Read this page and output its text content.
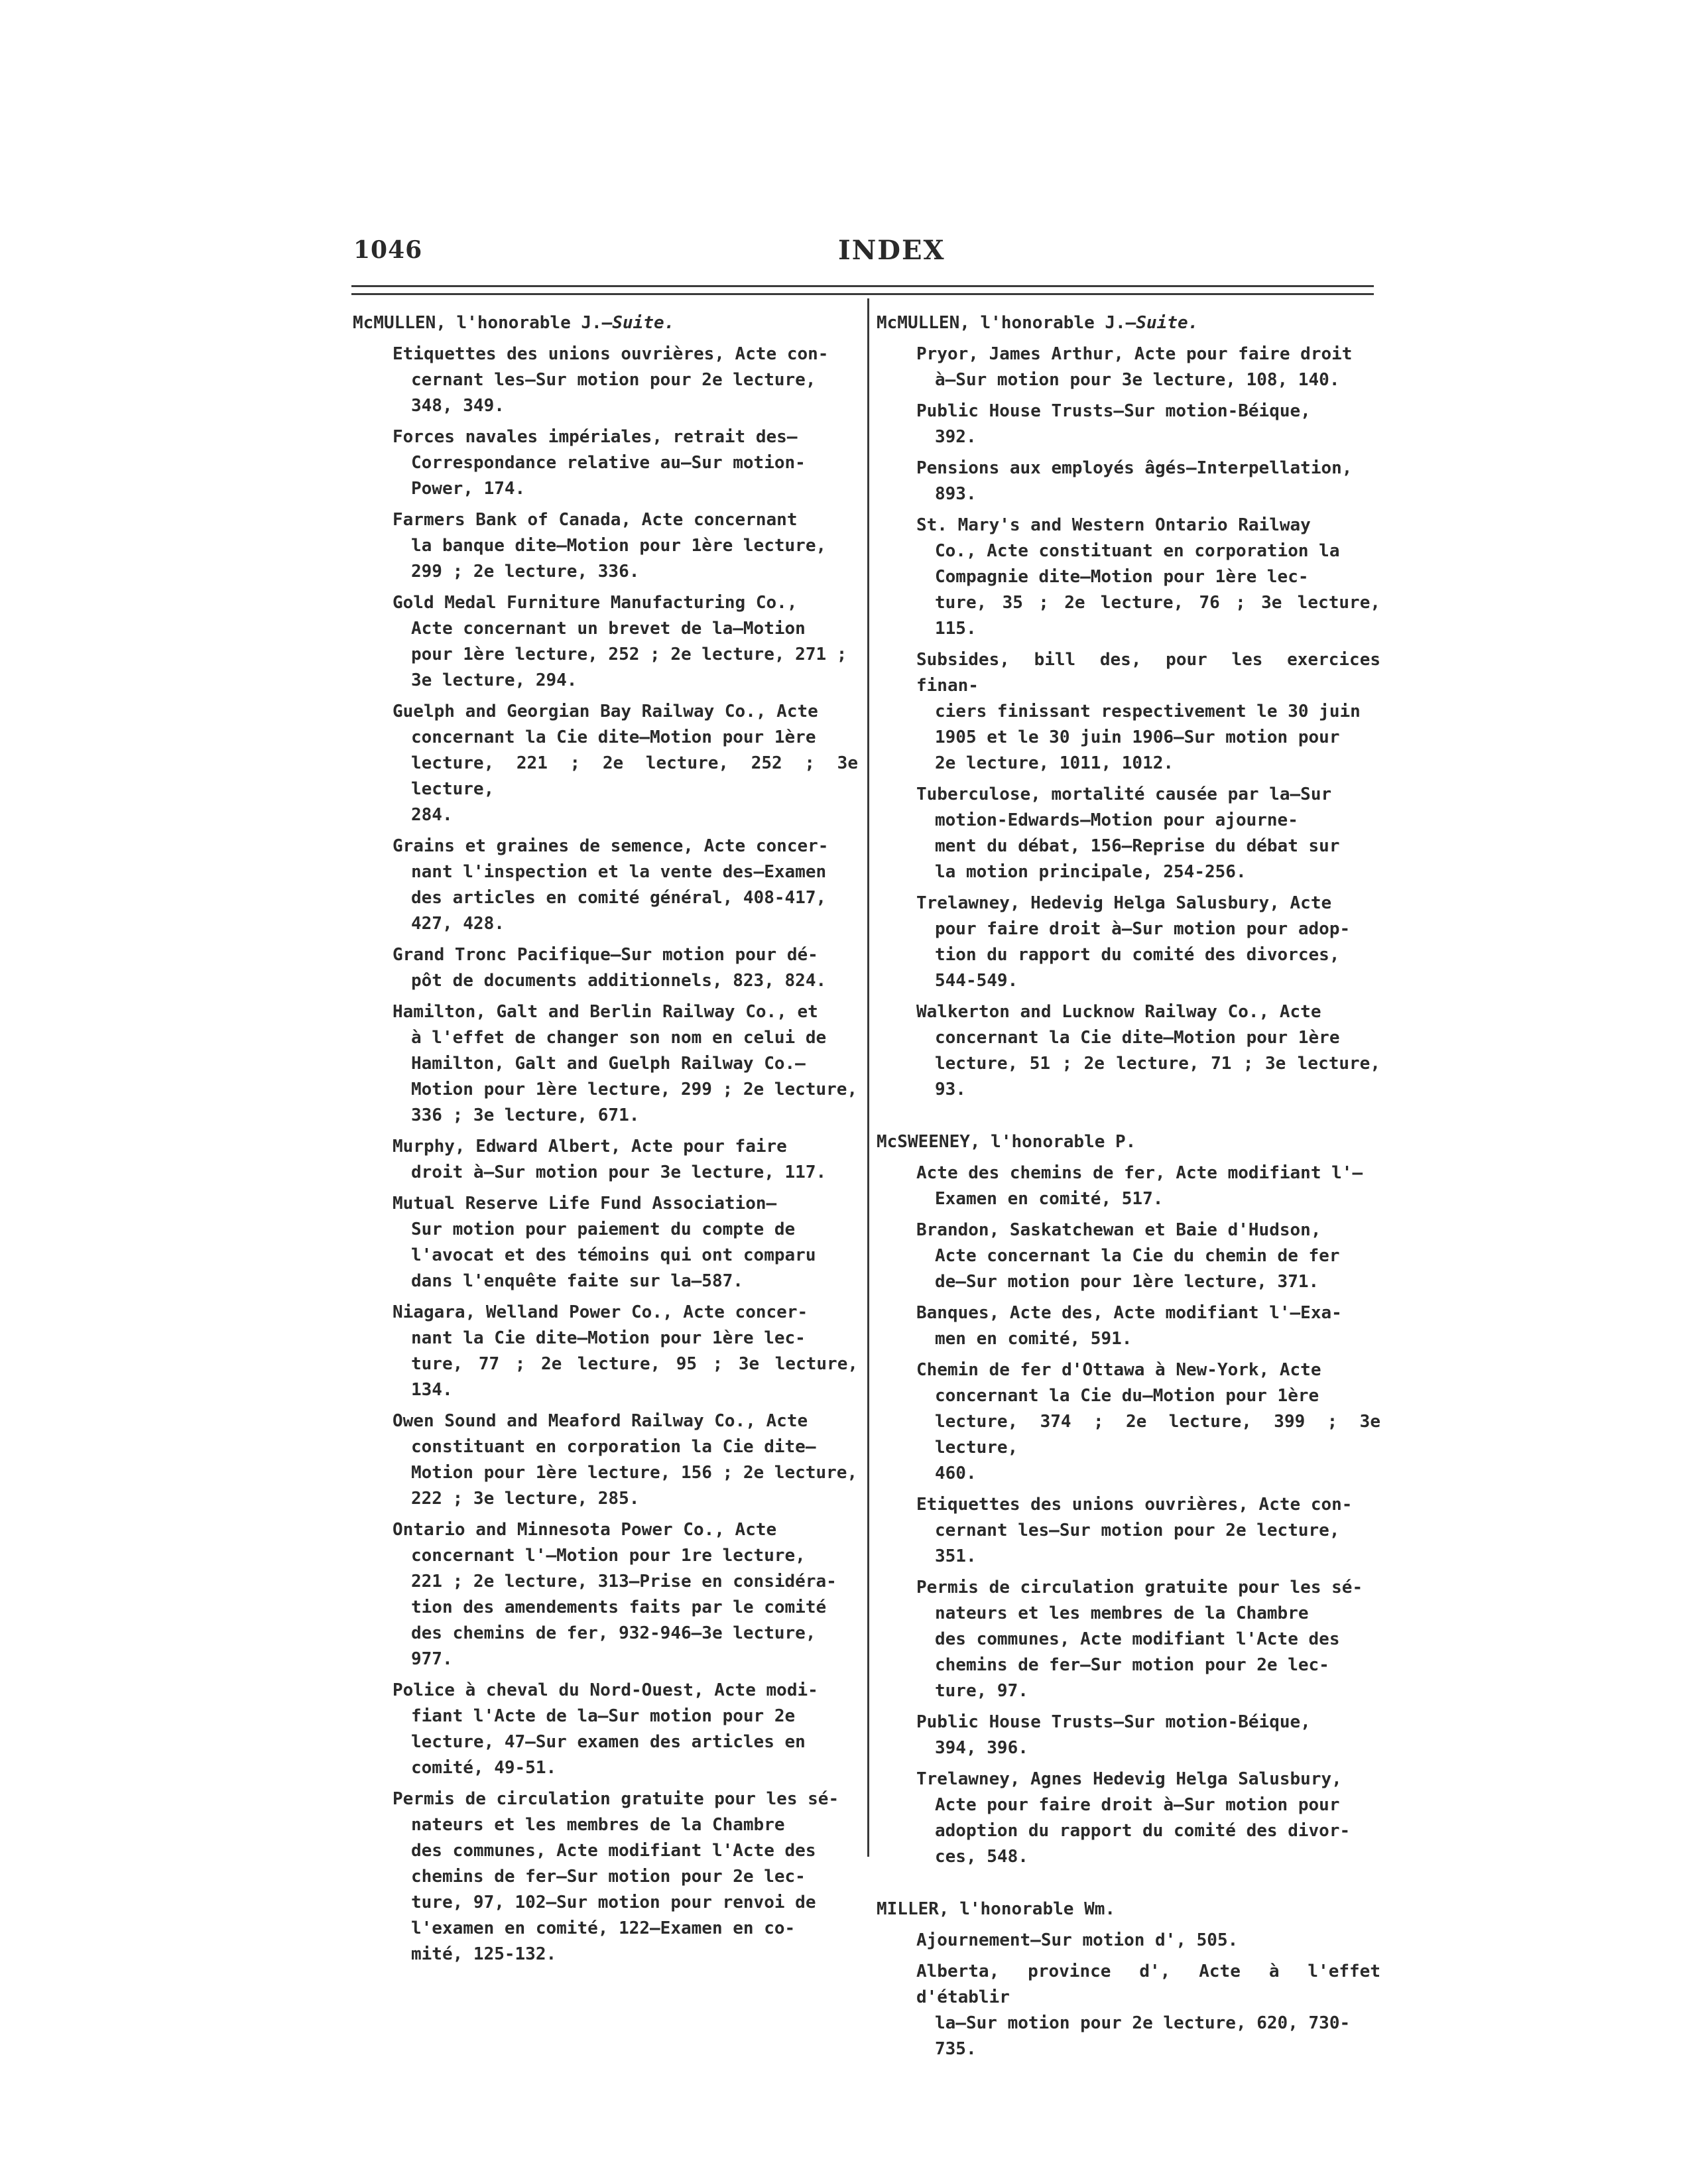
1046	INDEX
McMULLEN, l'honorable J.—Suite.
Etiquettes des unions ouvrières, Acte con-
cernant les—Sur motion pour 2e lecture,
348, 349.
Forces navales impériales, retrait des—
Correspondance relative au—Sur motion-
Power, 174.
Farmers Bank of Canada, Acte concernant
la banque dite—Motion pour 1ère lecture,
299 ; 2e lecture, 336.
Gold Medal Furniture Manufacturing Co.,
Acte concernant un brevet de la—Motion
pour 1ère lecture, 252 ; 2e lecture, 271 ;
3e lecture, 294.
Guelph and Georgian Bay Railway Co., Acte
concernant la Cie dite—Motion pour 1ère
lecture, 221 ; 2e lecture, 252 ; 3e lecture,
284.
Grains et graines de semence, Acte concer-
nant l'inspection et la vente des—Examen
des articles en comité général, 408-417,
427, 428.
Grand Tronc Pacifique—Sur motion pour dé-
pôt de documents additionnels, 823, 824.
Hamilton, Galt and Berlin Railway Co., et
à l'effet de changer son nom en celui de
Hamilton, Galt and Guelph Railway Co.—
Motion pour 1ère lecture, 299 ; 2e lecture,
336 ; 3e lecture, 671.
Murphy, Edward Albert, Acte pour faire
droit à—Sur motion pour 3e lecture, 117.
Mutual Reserve Life Fund Association—
Sur motion pour paiement du compte de
l'avocat et des témoins qui ont comparu
dans l'enquête faite sur la—587.
Niagara, Welland Power Co., Acte concer-
nant la Cie dite—Motion pour 1ère lec-
ture, 77 ; 2e lecture, 95 ; 3e lecture, 134.
Owen Sound and Meaford Railway Co., Acte
constituant en corporation la Cie dite—
Motion pour 1ère lecture, 156 ; 2e lecture,
222 ; 3e lecture, 285.
Ontario and Minnesota Power Co., Acte
concernant l'—Motion pour 1re lecture,
221 ; 2e lecture, 313—Prise en considéra-
tion des amendements faits par le comité
des chemins de fer, 932-946—3e lecture,
977.
Police à cheval du Nord-Ouest, Acte modi-
fiant l'Acte de la—Sur motion pour 2e
lecture, 47—Sur examen des articles en
comité, 49-51.
Permis de circulation gratuite pour les sé-
nateurs et les membres de la Chambre
des communes, Acte modifiant l'Acte des
chemins de fer—Sur motion pour 2e lec-
ture, 97, 102—Sur motion pour renvoi de
l'examen en comité, 122—Examen en co-
mité, 125-132.
McMULLEN, l'honorable J.—Suite.
Pryor, James Arthur, Acte pour faire droit
à—Sur motion pour 3e lecture, 108, 140.
Public House Trusts—Sur motion-Béique,
392.
Pensions aux employés âgés—Interpellation,
893.
St. Mary's and Western Ontario Railway
Co., Acte constituant en corporation la
Compagnie dite—Motion pour 1ère lec-
ture, 35 ; 2e lecture, 76 ; 3e lecture, 115.
Subsides, bill des, pour les exercices finan-
ciers finissant respectivement le 30 juin
1905 et le 30 juin 1906—Sur motion pour
2e lecture, 1011, 1012.
Tuberculose, mortalité causée par la—Sur
motion-Edwards—Motion pour ajourne-
ment du débat, 156—Reprise du débat sur
la motion principale, 254-256.
Trelawney, Hedevig Helga Salusbury, Acte
pour faire droit à—Sur motion pour adop-
tion du rapport du comité des divorces,
544-549.
Walkerton and Lucknow Railway Co., Acte
concernant la Cie dite—Motion pour 1ère
lecture, 51 ; 2e lecture, 71 ; 3e lecture, 93.
McSWEENEY, l'honorable P.
Acte des chemins de fer, Acte modifiant l'—
Examen en comité, 517.
Brandon, Saskatchewan et Baie d'Hudson,
Acte concernant la Cie du chemin de fer
de—Sur motion pour 1ère lecture, 371.
Banques, Acte des, Acte modifiant l'—Exa-
men en comité, 591.
Chemin de fer d'Ottawa à New-York, Acte
concernant la Cie du—Motion pour 1ère
lecture, 374 ; 2e lecture, 399 ; 3e lecture,
460.
Etiquettes des unions ouvrières, Acte con-
cernant les—Sur motion pour 2e lecture,
351.
Permis de circulation gratuite pour les sé-
nateurs et les membres de la Chambre
des communes, Acte modifiant l'Acte des
chemins de fer—Sur motion pour 2e lec-
ture, 97.
Public House Trusts—Sur motion-Béique,
394, 396.
Trelawney, Agnes Hedevig Helga Salusbury,
Acte pour faire droit à—Sur motion pour
adoption du rapport du comité des divor-
ces, 548.
MILLER, l'honorable Wm.
Ajournement—Sur motion d', 505.
Alberta, province d', Acte à l'effet d'établir
la—Sur motion pour 2e lecture, 620, 730-
735.
